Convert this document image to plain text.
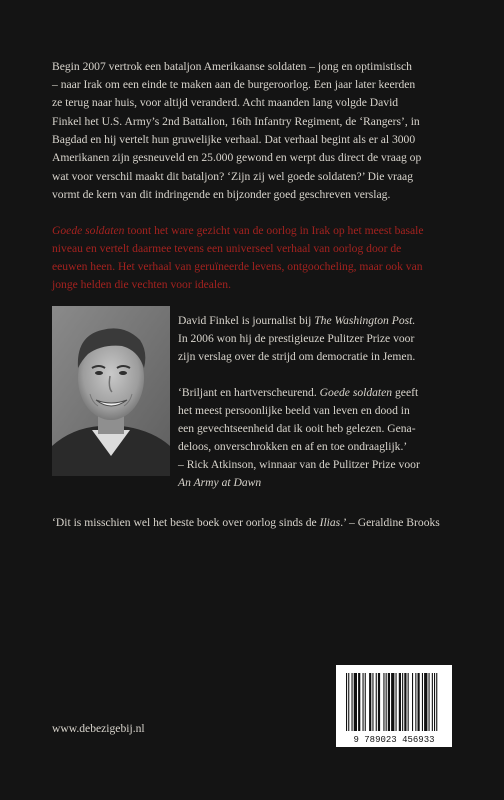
Begin 2007 vertrok een bataljon Amerikaanse soldaten – jong en optimistisch

– naar Irak om een einde te maken aan de burgeroorlog. Een jaar later keerden

ze terug naar huis, voor altijd veranderd. Acht maanden lang volgde David

Finkel het U.S. Army’s 2nd Battalion, 16th Infantry Regiment, de ‘Rangers’, in

Bagdad en hij vertelt hun gruwelijke verhaal. Dat verhaal begint als er al 3000

Amerikanen zijn gesneuveld en 25.000 gewond en werpt dus direct de vraag op

wat voor verschil maakt dit bataljon? ‘Zijn zij wel goede soldaten?’ Die vraag

vormt de kern van dit indringende en bijzonder goed geschreven verslag.

Goede soldaten toont het ware gezicht van de oorlog in Irak op het meest basale

niveau en vertelt daarmee tevens een universeel verhaal van oorlog door de

eeuwen heen. Het verhaal van geruïneerde levens, ontgoocheling, maar ook van

jonge helden die vechten voor idealen.

David Finkel is journalist bij The Washington Post.

In 2006 won hij de prestigieuze Pulitzer Prize voor

zijn verslag over de strijd om democratie in Jemen.

‘Briljant en hartverscheurend. Goede soldaten geeft

het meest persoonlijke beeld van leven en dood in

een gevechtseenheid dat ik ooit heb gelezen. Gena-

deloos, onverschrokken en af en toe ondraaglijk.’

– Rick Atkinson, winnaar van de Pulitzer Prize voor

An Army at Dawn

‘Dit is misschien wel het beste boek over oorlog sinds de Ilias.’ – Geraldine Brooks

www.debezigebij.nl

9 789023 456933
